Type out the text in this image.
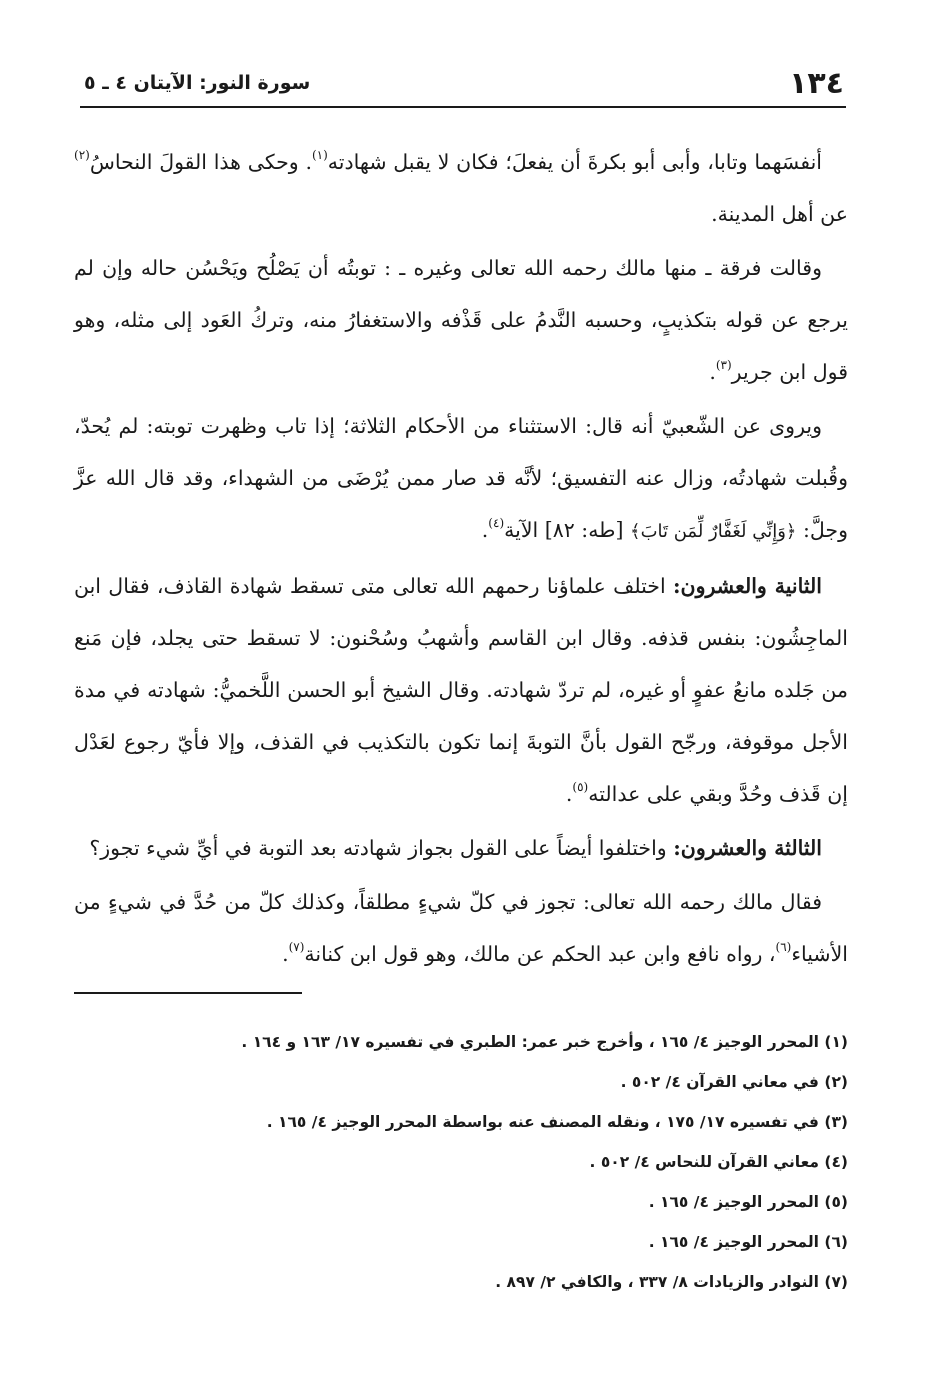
١٣٤
سورة النور: الآيتان ٤ ـ ٥

أنفسَهما وتابا، وأبى أبو بكرةَ أن يفعلَ؛ فكان لا يقبل شهادته$^{(١)}$. وحكى هذا القولَ النحاسُ$^{(٢)}$ عن أهل المدينة.

وقالت فرقة ـ منها مالك رحمه الله تعالى وغيره ـ : توبتُه أن يَصْلُح ويَحْسُن حاله وإن لم يرجع عن قوله بتكذيبٍ، وحسبه النَّدمُ على قَذْفه والاستغفارُ منه، وتركُ العَود إلى مثله، وهو قول ابن جرير$^{(٣)}$.

ويروى عن الشّعبيّ أنه قال: الاستثناء من الأحكام الثلاثة؛ إذا تاب وظهرت توبته: لم يُحدّ، وقُبلت شهادتُه، وزال عنه التفسيق؛ لأنَّه قد صار ممن يُرْضَى من الشهداء، وقد قال الله عزَّ وجلَّ: ﴿وَإِنِّي لَغَفَّارٌ لِّمَن تَابَ﴾ [طه: ٨٢] الآية$^{(٤)}$.

الثانية والعشرون: اختلف علماؤنا رحمهم الله تعالى متى تسقط شهادة القاذف، فقال ابن الماجِشُون: بنفس قذفه. وقال ابن القاسم وأشهبُ وسُحْنون: لا تسقط حتى يجلد، فإن مَنع من جَلده مانعُ عفوٍ أو غيره، لم تردّ شهادته. وقال الشيخ أبو الحسن اللَّخميُّ: شهادته في مدة الأجل موقوفة، ورجّح القول بأنَّ التوبةَ إنما تكون بالتكذيب في القذف، وإلا فأيّ رجوع لعَدْل إن قَذف وحُدَّ وبقي على عدالته$^{(٥)}$.

الثالثة والعشرون: واختلفوا أيضاً على القول بجواز شهادته بعد التوبة في أيِّ شيء تجوز؟

فقال مالك رحمه الله تعالى: تجوز في كلّ شيءٍ مطلقاً، وكذلك كلّ من حُدَّ في شيءٍ من الأشياء$^{(٦)}$، رواه نافع وابن عبد الحكم عن مالك، وهو قول ابن كنانة$^{(٧)}$.

(١) المحرر الوجيز ٤/ ١٦٥ ، وأخرج خبر عمر: الطبري في تفسيره ١٧/ ١٦٣ و ١٦٤ .
(٢) في معاني القرآن ٤/ ٥٠٢ .
(٣) في تفسيره ١٧/ ١٧٥ ، ونقله المصنف عنه بواسطة المحرر الوجيز ٤/ ١٦٥ .
(٤) معاني القرآن للنحاس ٤/ ٥٠٢ .
(٥) المحرر الوجيز ٤/ ١٦٥ .
(٦) المحرر الوجيز ٤/ ١٦٥ .
(٧) النوادر والزيادات ٨/ ٣٣٧ ، والكافي ٢/ ٨٩٧ .
